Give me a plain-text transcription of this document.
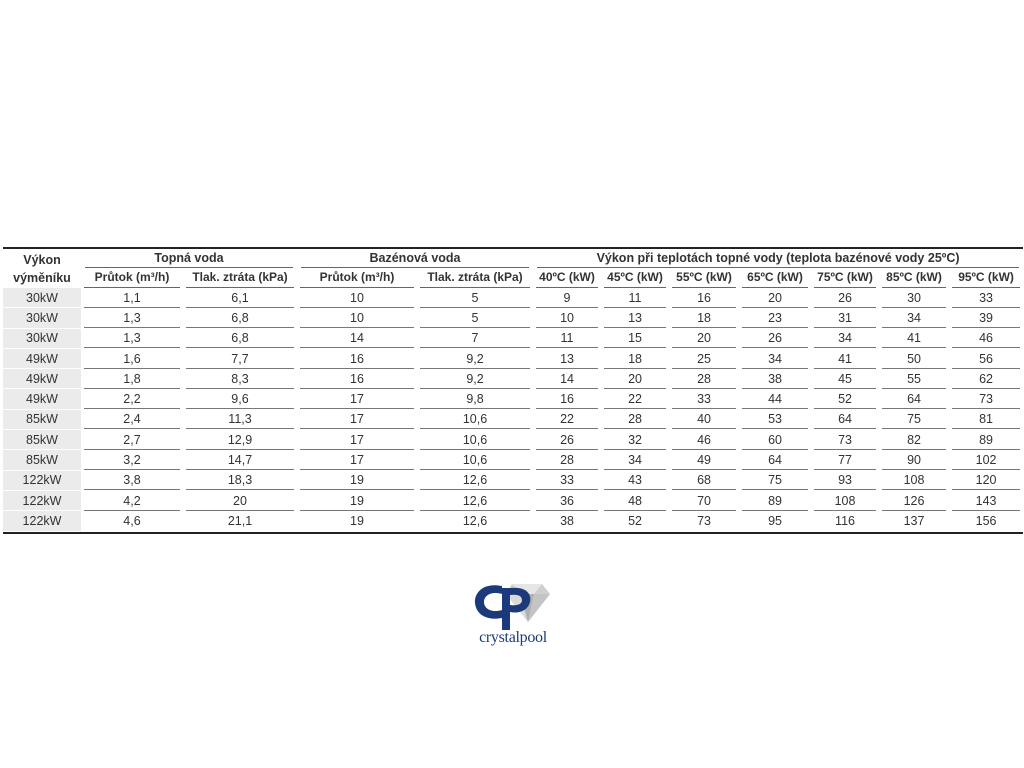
Výkon
výměníku	Topná voda		Bazénová voda		Výkon při teplotách topné vody (teplota bazénové vody 25ºC)						

	Průtok (m³/h)	Tlak. ztráta (kPa)	Průtok (m³/h)	Tlak. ztráta (kPa)	40ºC (kW)	45ºC (kW)	55ºC (kW)	65ºC (kW)	75ºC (kW)	85ºC (kW)	95ºC (kW)

30kW	1,1	6,1	10	5	9	11	16	20	26	30	33

30kW	1,3	6,8	10	5	10	13	18	23	31	34	39

30kW	1,3	6,8	14	7	11	15	20	26	34	41	46

49kW	1,6	7,7	16	9,2	13	18	25	34	41	50	56

49kW	1,8	8,3	16	9,2	14	20	28	38	45	55	62

49kW	2,2	9,6	17	9,8	16	22	33	44	52	64	73

85kW	2,4	11,3	17	10,6	22	28	40	53	64	75	81

85kW	2,7	12,9	17	10,6	26	32	46	60	73	82	89

85kW	3,2	14,7	17	10,6	28	34	49	64	77	90	102

122kW	3,8	18,3	19	12,6	33	43	68	75	93	108	120

122kW	4,2	20	19	12,6	36	48	70	89	108	126	143

122kW	4,6	21,1	19	12,6	38	52	73	95	116	137	156
crystalpool
